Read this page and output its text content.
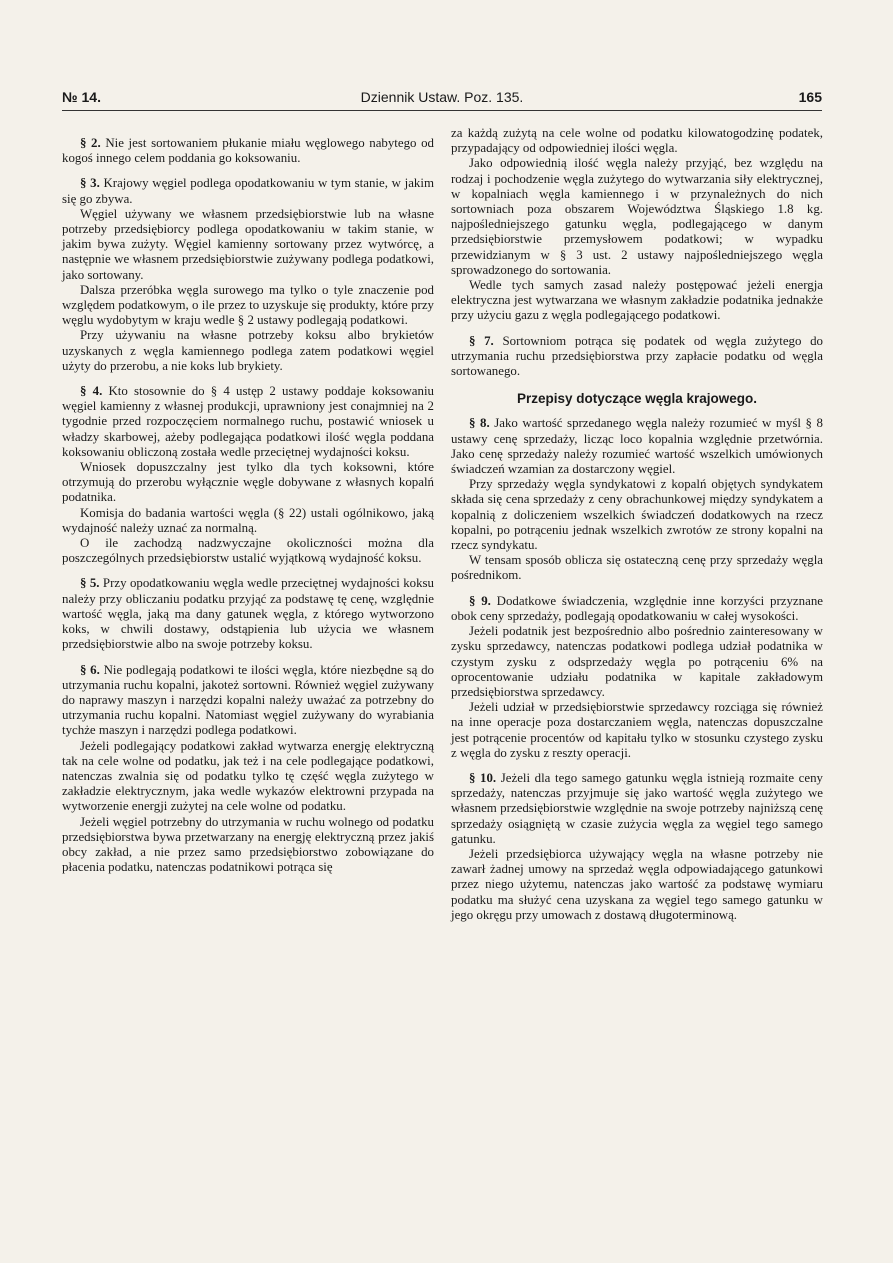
№ 14.	Dziennik Ustaw. Poz. 135.	165

§ 2. Nie jest sortowaniem płukanie miału węglowego nabytego od kogoś innego celem poddania go koksowaniu.

§ 3. Krajowy węgiel podlega opodatkowaniu w tym stanie, w jakim się go zbywa.

Węgiel używany we własnem przedsiębiorstwie lub na własne potrzeby przedsiębiorcy podlega opodatkowaniu w takim stanie, w jakim bywa zużyty. Węgiel kamienny sortowany przez wytwórcę, a następnie we własnem przedsiębiorstwie zużywany podlega podatkowi, jako sortowany.

Dalsza przeróbka węgla surowego ma tylko o tyle znaczenie pod względem podatkowym, o ile przez to uzyskuje się produkty, które przy węglu wydobytym w kraju wedle § 2 ustawy podlegają podatkowi.

Przy używaniu na własne potrzeby koksu albo brykietów uzyskanych z węgla kamiennego podlega zatem podatkowi węgiel użyty do przerobu, a nie koks lub brykiety.

§ 4. Kto stosownie do § 4 ustęp 2 ustawy poddaje koksowaniu węgiel kamienny z własnej produkcji, uprawniony jest conajmniej na 2 tygodnie przed rozpoczęciem normalnego ruchu, postawić wniosek u władzy skarbowej, ażeby podlegająca podatkowi ilość węgla poddana koksowaniu obliczoną została wedle przeciętnej wydajności koksu.

Wniosek dopuszczalny jest tylko dla tych koksowni, które otrzymują do przerobu wyłącznie węgle dobywane z własnych kopalń podatnika.

Komisja do badania wartości węgla (§ 22) ustali ogólnikowo, jaką wydajność należy uznać za normalną.

O ile zachodzą nadzwyczajne okoliczności można dla poszczególnych przedsiębiorstw ustalić wyjątkową wydajność koksu.

§ 5. Przy opodatkowaniu węgla wedle przeciętnej wydajności koksu należy przy obliczaniu podatku przyjąć za podstawę tę cenę, względnie wartość węgla, jaką ma dany gatunek węgla, z którego wytworzono koks, w chwili dostawy, odstąpienia lub użycia we własnem przedsiębiorstwie albo na swoje potrzeby koksu.

§ 6. Nie podlegają podatkowi te ilości węgla, które niezbędne są do utrzymania ruchu kopalni, jakoteż sortowni. Również węgiel zużywany do naprawy maszyn i narzędzi kopalni należy uważać za potrzebny do utrzymania ruchu kopalni. Natomiast węgiel zużywany do wyrabiania tychże maszyn i narzędzi podlega podatkowi.

Jeżeli podlegający podatkowi zakład wytwarza energję elektryczną tak na cele wolne od podatku, jak też i na cele podlegające podatkowi, natenczas zwalnia się od podatku tylko tę część węgla zużytego w zakładzie elektrycznym, jaka wedle wykazów elektrowni przypada na wytworzenie energji zużytej na cele wolne od podatku.

Jeżeli węgiel potrzebny do utrzymania w ruchu wolnego od podatku przedsiębiorstwa bywa przetwarzany na energję elektryczną przez jakiś obcy zakład, a nie przez samo przedsiębiorstwo zobowiązane do płacenia podatku, natenczas podatnikowi potrąca się

za każdą zużytą na cele wolne od podatku kilowatogodzinę podatek, przypadający od odpowiedniej ilości węgla.

Jako odpowiednią ilość węgla należy przyjąć, bez względu na rodzaj i pochodzenie węgla zużytego do wytwarzania siły elektrycznej, w kopalniach węgla kamiennego i w przynależnych do nich sortowniach poza obszarem Województwa Śląskiego 1.8 kg. najpośledniejszego gatunku węgla, podlegającego w danym przedsiębiorstwie przemysłowem podatkowi; w wypadku przewidzianym w § 3 ust. 2 ustawy najpośledniejszego węgla sprowadzonego do sortowania.

Wedle tych samych zasad należy postępować jeżeli energja elektryczna jest wytwarzana we własnym zakładzie podatnika jednakże przy użyciu gazu z węgla podlegającego podatkowi.

§ 7. Sortowniom potrąca się podatek od węgla zużytego do utrzymania ruchu przedsiębiorstwa przy zapłacie podatku od węgla sortowanego.

Przepisy dotyczące węgla krajowego.

§ 8. Jako wartość sprzedanego węgla należy rozumieć w myśl § 8 ustawy cenę sprzedaży, licząc loco kopalnia względnie przetwórnia. Jako cenę sprzedaży należy rozumieć wartość wszelkich umówionych świadczeń wzamian za dostarczony węgiel.

Przy sprzedaży węgla syndykatowi z kopalń objętych syndykatem składa się cena sprzedaży z ceny obrachunkowej między syndykatem a kopalnią z doliczeniem wszelkich świadczeń dodatkowych na rzecz kopalni, po potrąceniu jednak wszelkich zwrotów ze strony kopalni na rzecz syndykatu.

W tensam sposób oblicza się ostateczną cenę przy sprzedaży węgla pośrednikom.

§ 9. Dodatkowe świadczenia, względnie inne korzyści przyznane obok ceny sprzedaży, podlegają opodatkowaniu w całej wysokości.

Jeżeli podatnik jest bezpośrednio albo pośrednio zainteresowany w zysku sprzedawcy, natenczas podatkowi podlega udział podatnika w czystym zysku z odsprzedaży węgla po potrąceniu 6% na oprocentowanie udziału podatnika w kapitale zakładowym przedsiębiorstwa sprzedawcy.

Jeżeli udział w przedsiębiorstwie sprzedawcy rozciąga się również na inne operacje poza dostarczaniem węgla, natenczas dopuszczalne jest potrącenie procentów od kapitału tylko w stosunku czystego zysku z węgla do zysku z reszty operacji.

§ 10. Jeżeli dla tego samego gatunku węgla istnieją rozmaite ceny sprzedaży, natenczas przyjmuje się jako wartość węgla zużytego we własnem przedsiębiorstwie względnie na swoje potrzeby najniższą cenę sprzedaży osiągniętą w czasie zużycia węgla za węgiel tego samego gatunku.

Jeżeli przedsiębiorca używający węgla na własne potrzeby nie zawarł żadnej umowy na sprzedaż węgla odpowiadającego gatunkowi przez niego użytemu, natenczas jako wartość za podstawę wymiaru podatku ma służyć cena uzyskana za węgiel tego samego gatunku w jego okręgu przy umowach z dostawą długoterminową.
